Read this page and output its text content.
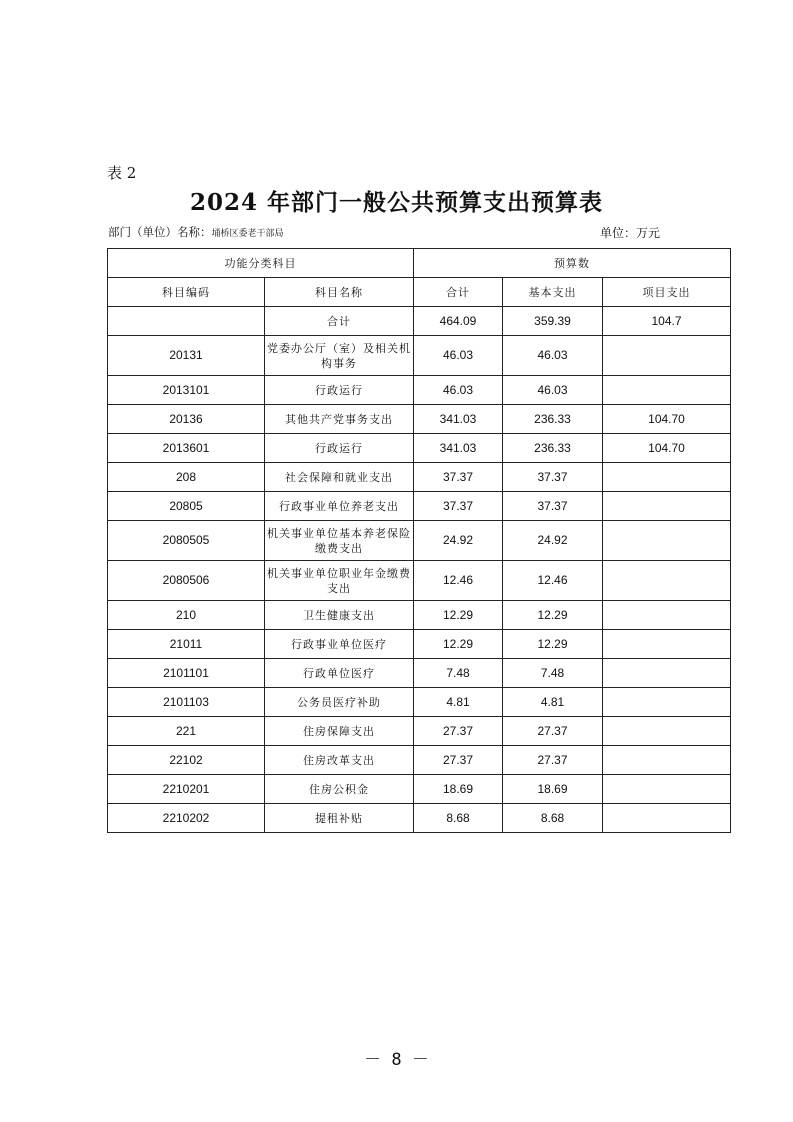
表 2
2024 年部门一般公共预算支出预算表
部门（单位）名称：埇桥区委老干部局	单位：万元
功能分类科目		预算数		
科目编码	科目名称	合计	基本支出	项目支出
	合计	464.09	359.39	104.7
20131	党委办公厅（室）及相关机构事务	46.03	46.03	
2013101	行政运行	46.03	46.03	
20136	其他共产党事务支出	341.03	236.33	104.70
2013601	行政运行	341.03	236.33	104.70
208	社会保障和就业支出	37.37	37.37	
20805	行政事业单位养老支出	37.37	37.37	
2080505	机关事业单位基本养老保险缴费支出	24.92	24.92	
2080506	机关事业单位职业年金缴费支出	12.46	12.46	
210	卫生健康支出	12.29	12.29	
21011	行政事业单位医疗	12.29	12.29	
2101101	行政单位医疗	7.48	7.48	
2101103	公务员医疗补助	4.81	4.81	
221	住房保障支出	27.37	27.37	
22102	住房改革支出	27.37	27.37	
2210201	住房公积金	18.69	18.69	
2210202	提租补贴	8.68	8.68	
－ 8 －
